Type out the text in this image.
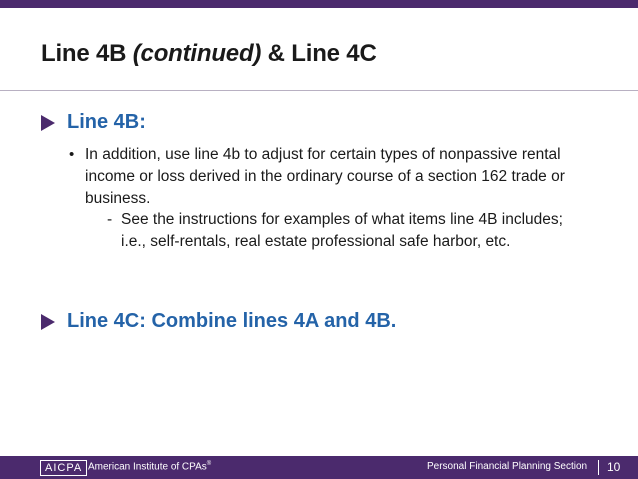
Line 4B (continued) & Line 4C
Line 4B:
• In addition, use line 4b to adjust for certain types of nonpassive rental income or loss derived in the ordinary course of a section 162 trade or business.
- See the instructions for examples of what items line 4B includes; i.e., self-rentals, real estate professional safe harbor, etc.
Line 4C: Combine lines 4A and 4B.
AICPA American Institute of CPAs®	Personal Financial Planning Section 10
